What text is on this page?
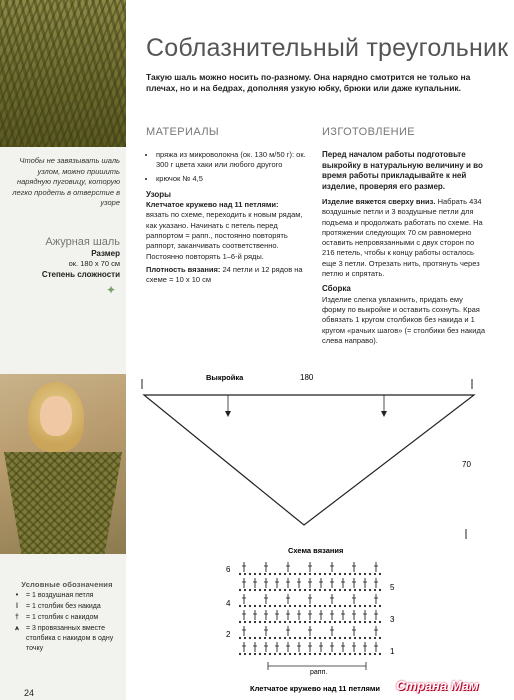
Чтобы не завязывать шаль узлом, можно пришить нарядную пуговицу, которую легко продеть в отверстие в узоре
Ажурная шаль
Размер
ок. 180 х 70 см
Степень сложности
✦
Условные обозначения
•	= 1 воздушная петля
ǀ	= 1 столбик без накида
†	= 1 столбик с накидом
⩚	= 3 провязанных вместе столбика с накидом в одну точку
24
Соблазнительный треугольник
Такую шаль можно носить по-разному. Она нарядно смотрится не только на плечах, но и на бедрах, дополняя узкую юбку, брюки или даже купальник.
МАТЕРИАЛЫ	ИЗГОТОВЛЕНИЕ
• пряжа из микроволокна (ок. 130 м/50 г): ок. 300 г цвета хаки или любого другого
• крючок № 4,5
Узоры
Клетчатое кружево над 11 петлями:
вязать по схеме, переходить к новым рядам, как указано. Начинать с петель перед раппортом = рапп., постоянно повторять раппорт, заканчивать соответственно. Постоянно повторять 1–6-й ряды.
Плотность вязания: 24 петли и 12 рядов на схеме = 10 х 10 см

Перед началом работы подготовьте выкройку в натуральную величину и во время работы прикладывайте к ней изделие, проверяя его размер.

Изделие вяжется сверху вниз. Набрать 434 воздушные петли и 3 воздушные петли для подъема и продолжать работать по схеме. На протяжении следующих 70 см равномерно оставить непровязанными с двух сторон по 216 петель, чтобы к концу работы осталось еще 3 петли. Отрезать нить, протянуть через петлю и спрятать.

Сборка

Изделие слегка увлажнить, придать ему форму по выкройке и оставить сохнуть. Края обвязать 1 кругом столбиков без накида и 1 кругом «рачьих шагов» (= столбики без накида слева направо).

Выкройка	180
70
Схема вязания
6
4
2
5
3
1
рапп.
Клетчатое кружево над 11 петлями Страна Мам
